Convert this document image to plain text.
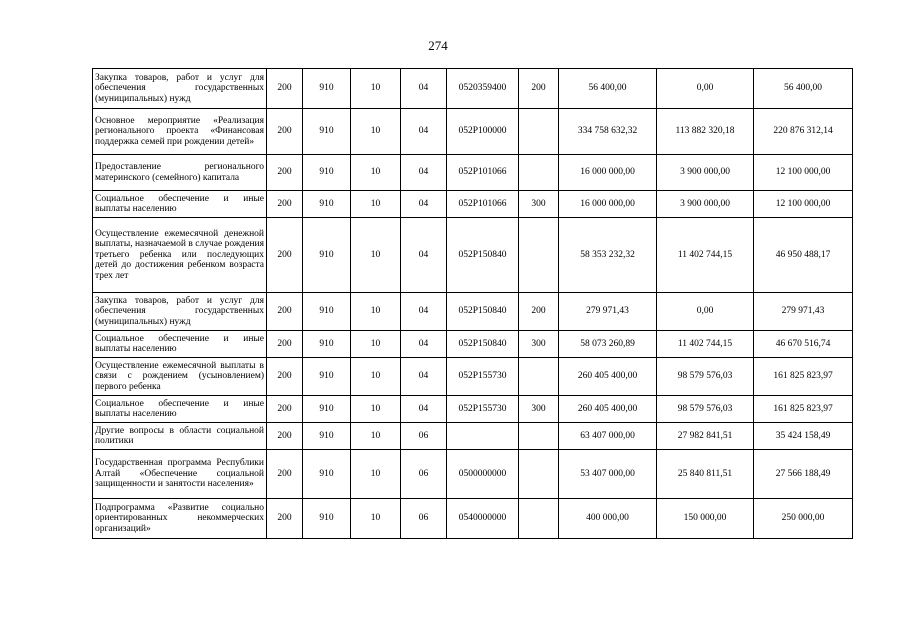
274
Закупка товаров, работ и услуг для обеспечения государственных (муниципальных) нужд	200	910	10	04	0520359400	200	56 400,00	0,00	56 400,00
Основное мероприятие «Реализация регионального проекта «Финансовая поддержка семей при рождении детей»	200	910	10	04	052P100000		334 758 632,32	113 882 320,18	220 876 312,14
Предоставление регионального материнского (семейного) капитала	200	910	10	04	052P101066		16 000 000,00	3 900 000,00	12 100 000,00
Социальное обеспечение и иные выплаты населению	200	910	10	04	052P101066	300	16 000 000,00	3 900 000,00	12 100 000,00
Осуществление ежемесячной денежной выплаты, назначаемой в случае рождения третьего ребенка или последующих детей до достижения ребенком возраста трех лет	200	910	10	04	052P150840		58 353 232,32	11 402 744,15	46 950 488,17
Закупка товаров, работ и услуг для обеспечения государственных (муниципальных) нужд	200	910	10	04	052P150840	200	279 971,43	0,00	279 971,43
Социальное обеспечение и иные выплаты населению	200	910	10	04	052P150840	300	58 073 260,89	11 402 744,15	46 670 516,74
Осуществление ежемесячной выплаты в связи с рождением (усыновлением) первого ребенка	200	910	10	04	052P155730		260 405 400,00	98 579 576,03	161 825 823,97
Социальное обеспечение и иные выплаты населению	200	910	10	04	052P155730	300	260 405 400,00	98 579 576,03	161 825 823,97
Другие вопросы в области социальной политики	200	910	10	06			63 407 000,00	27 982 841,51	35 424 158,49
Государственная программа Республики Алтай «Обеспечение социальной защищенности и занятости населения»	200	910	10	06	0500000000		53 407 000,00	25 840 811,51	27 566 188,49
Подпрограмма «Развитие социально ориентированных некоммерческих организаций»	200	910	10	06	0540000000		400 000,00	150 000,00	250 000,00
